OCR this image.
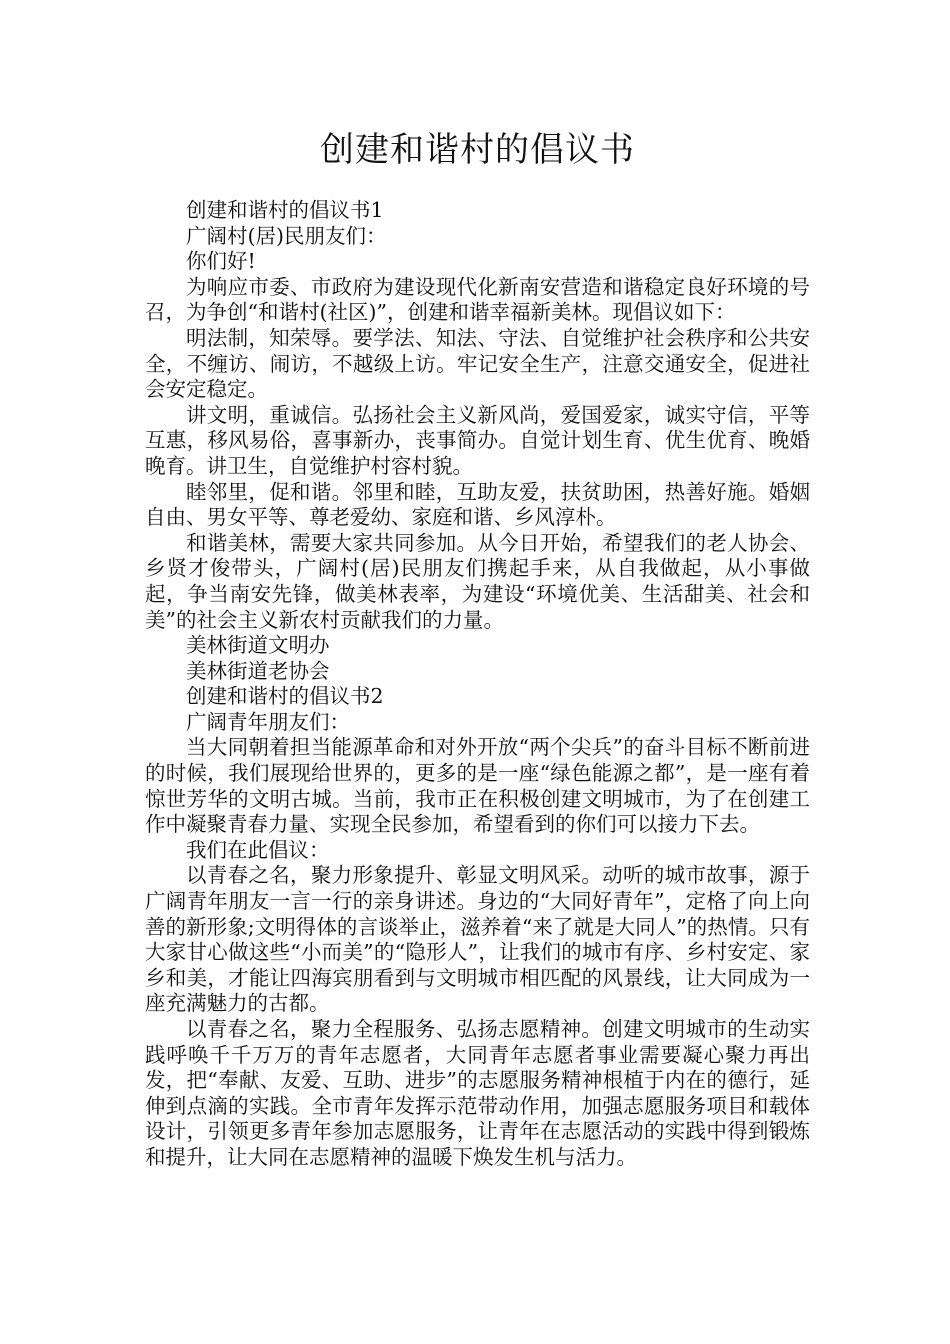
创建和谐村的倡议书

创建和谐村的倡议书1

广阔村(居)民朋友们：

你们好!

为响应市委、市政府为建设现代化新南安营造和谐稳定良好环境的号召，为争创“和谐村(社区)”，创建和谐幸福新美林。现倡议如下：

明法制，知荣辱。要学法、知法、守法、自觉维护社会秩序和公共安全，不缠访、闹访，不越级上访。牢记安全生产，注意交通安全，促进社会安定稳定。

讲文明，重诚信。弘扬社会主义新风尚，爱国爱家，诚实守信，平等互惠，移风易俗，喜事新办，丧事简办。自觉计划生育、优生优育、晚婚晚育。讲卫生，自觉维护村容村貌。

睦邻里，促和谐。邻里和睦，互助友爱，扶贫助困，热善好施。婚姻自由、男女平等、尊老爱幼、家庭和谐、乡风淳朴。

和谐美林，需要大家共同参加。从今日开始，希望我们的老人协会、乡贤才俊带头，广阔村(居)民朋友们携起手来，从自我做起，从小事做起，争当南安先锋，做美林表率，为建设“环境优美、生活甜美、社会和美”的社会主义新农村贡献我们的力量。

美林街道文明办

美林街道老协会

创建和谐村的倡议书2

广阔青年朋友们：

当大同朝着担当能源革命和对外开放“两个尖兵”的奋斗目标不断前进的时候，我们展现给世界的，更多的是一座“绿色能源之都”，是一座有着惊世芳华的文明古城。当前，我市正在积极创建文明城市，为了在创建工作中凝聚青春力量、实现全民参加，希望看到的你们可以接力下去。

我们在此倡议：

以青春之名，聚力形象提升、彰显文明风采。动听的城市故事，源于广阔青年朋友一言一行的亲身讲述。身边的“大同好青年”，定格了向上向善的新形象;文明得体的言谈举止，滋养着“来了就是大同人”的热情。只有大家甘心做这些“小而美”的“隐形人”，让我们的城市有序、乡村安定、家乡和美，才能让四海宾朋看到与文明城市相匹配的风景线，让大同成为一座充满魅力的古都。

以青春之名，聚力全程服务、弘扬志愿精神。创建文明城市的生动实践呼唤千千万万的青年志愿者，大同青年志愿者事业需要凝心聚力再出发，把“奉献、友爱、互助、进步”的志愿服务精神根植于内在的德行，延伸到点滴的实践。全市青年发挥示范带动作用，加强志愿服务项目和载体设计，引领更多青年参加志愿服务，让青年在志愿活动的实践中得到锻炼和提升，让大同在志愿精神的温暖下焕发生机与活力。
